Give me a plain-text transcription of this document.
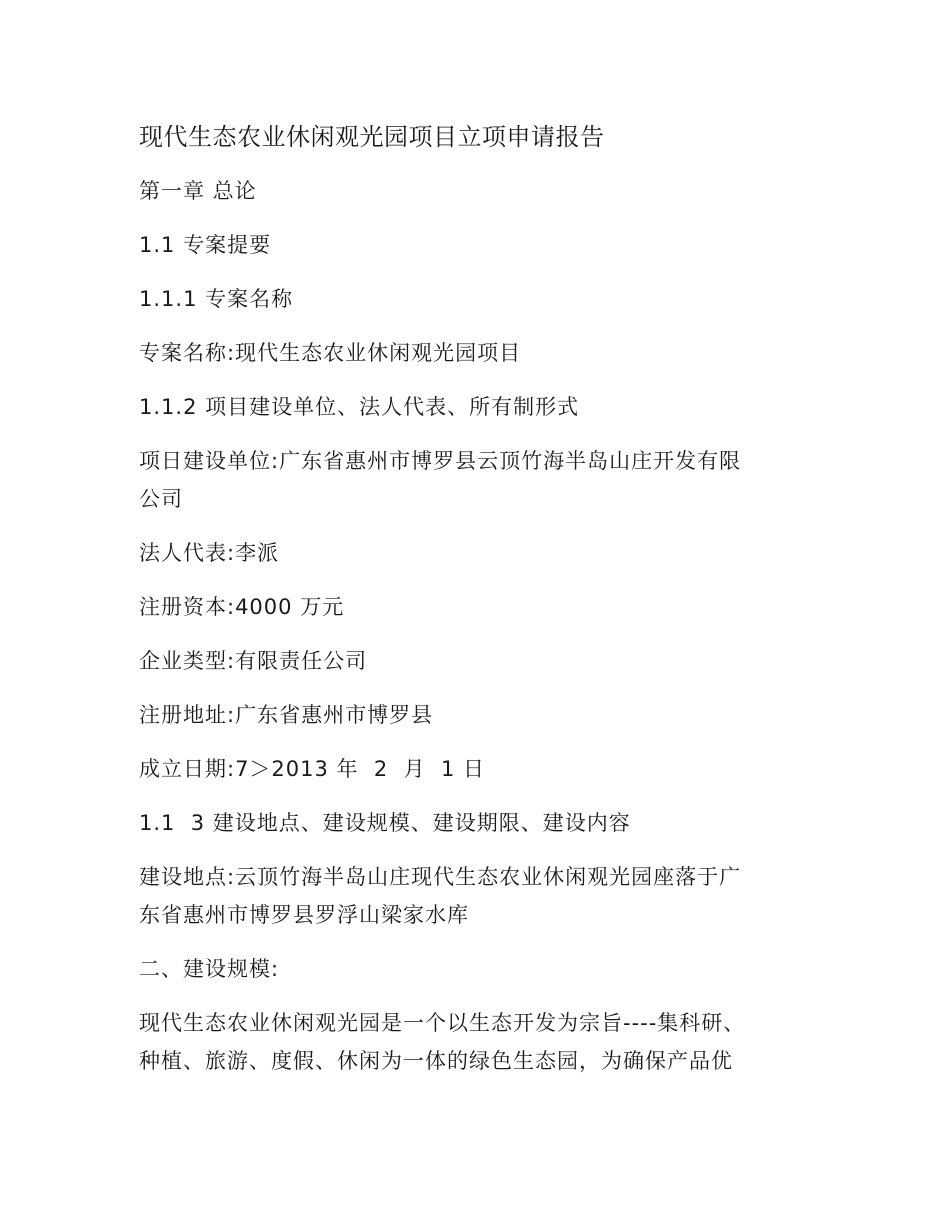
现代生态农业休闲观光园项目立项申请报告
第一章 总论
1.1 专案提要
1.1.1 专案名称
专案名称:现代生态农业休闲观光园项目
1.1.2 项目建设单位、法人代表、所有制形式
项日建设单位:广东省惠州市博罗县云顶竹海半岛山庄开发有限
公司
法人代表:李派
注册资本:4000 万元
企业类型:有限责任公司
注册地址:广东省惠州市博罗县
成立日期:7＞2013 年  2  月  1 日
1.1  3 建设地点、建设规模、建设期限、建设内容
建设地点:云顶竹海半岛山庄现代生态农业休闲观光园座落于广
东省惠州市博罗县罗浮山梁家水库
二、建设规模:
现代生态农业休闲观光园是一个以生态开发为宗旨----集科研、
种植、旅游、度假、休闲为一体的绿色生态园，为确保产品优
